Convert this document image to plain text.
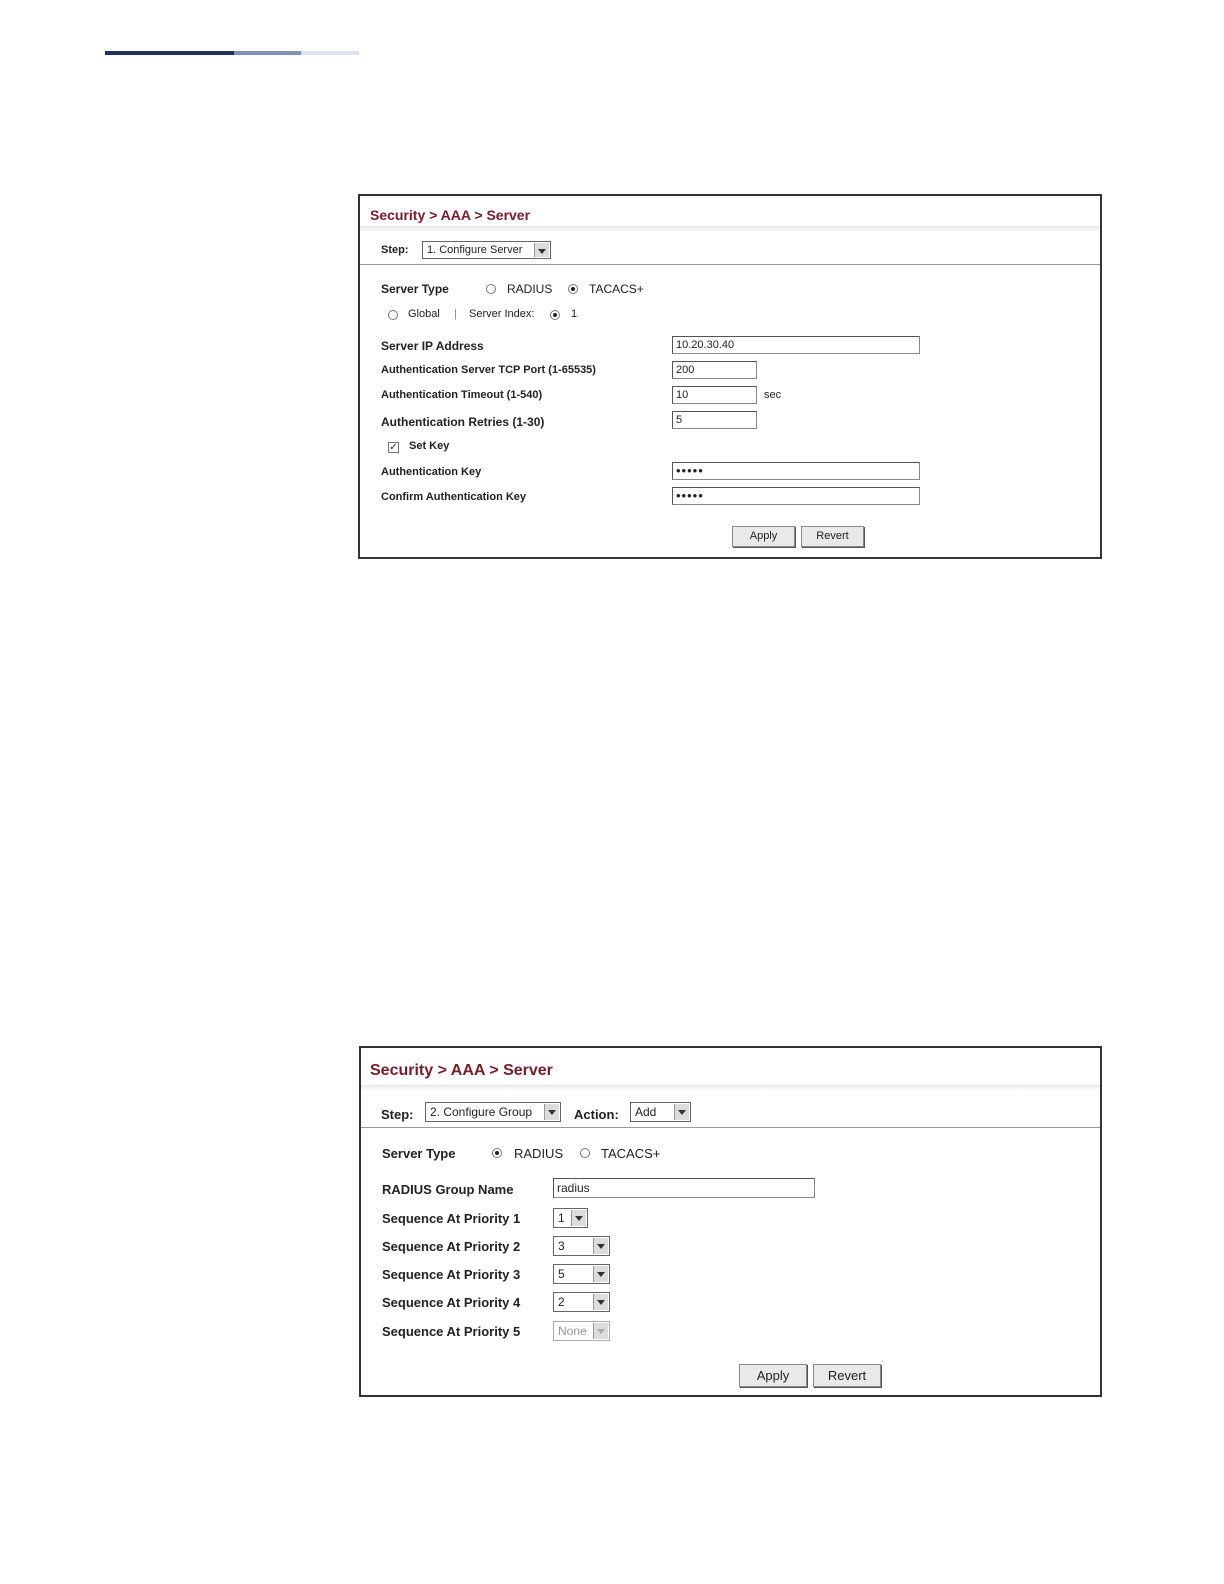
Security > AAA > Server
Step: 1. Configure Server
Server Type	RADIUS	TACACS+
Global | Server Index:	1
Server IP Address	10.20.30.40
Authentication Server TCP Port (1-65535)	200
Authentication Timeout (1-540)	10	sec
Authentication Retries (1-30)	5
✓ Set Key
Authentication Key	•••••
Confirm Authentication Key	•••••
Apply	Revert
Security > AAA > Server
Step: 2. Configure Group	Action: Add
Server Type	RADIUS	TACACS+
RADIUS Group Name	radius
Sequence At Priority 1	1
Sequence At Priority 2	3
Sequence At Priority 3	5
Sequence At Priority 4	2
Sequence At Priority 5	None
Apply	Revert
